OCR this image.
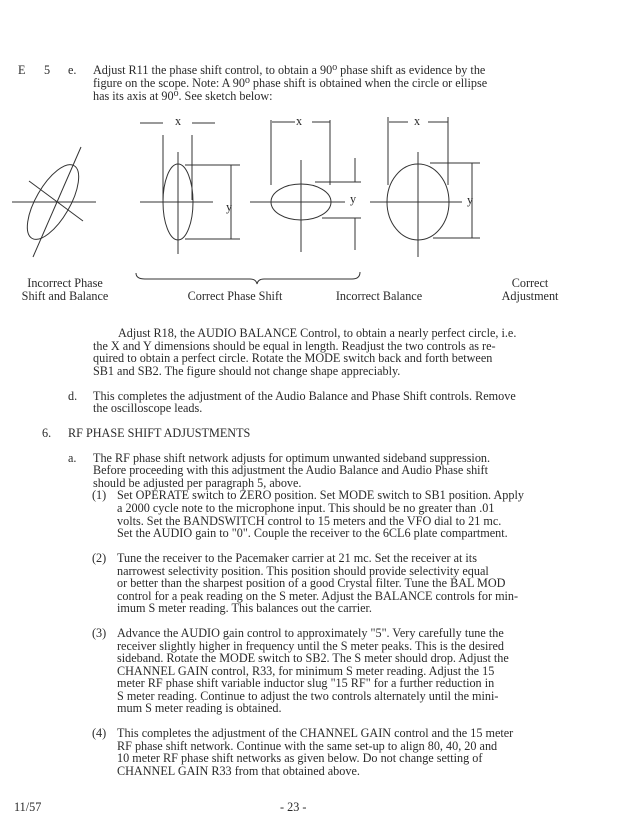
E 5 e. Adjust R11 the phase shift control, to obtain a 90⁰ phase shift as evidence by the
figure on the scope. Note: A 90⁰ phase shift is obtained when the circle or ellipse
has its axis at 90⁰. See sketch below:
x	x	x
y
y	y
Incorrect Phase
Shift and Balance	Correct Phase Shift	Incorrect Balance
Correct
Adjustment
Adjust R18, the AUDIO BALANCE Control, to obtain a nearly perfect circle, i.e.
the X and Y dimensions should be equal in length. Readjust the two controls as re-
quired to obtain a perfect circle. Rotate the MODE switch back and forth between
SB1 and SB2. The figure should not change shape appreciably.
d. This completes the adjustment of the Audio Balance and Phase Shift controls. Remove
the oscilloscope leads.
6. RF PHASE SHIFT ADJUSTMENTS
a. The RF phase shift network adjusts for optimum unwanted sideband suppression.
Before proceeding with this adjustment the Audio Balance and Audio Phase shift
should be adjusted per paragraph 5, above.
(1) Set OPERATE switch to ZERO position. Set MODE switch to SB1 position. Apply
a 2000 cycle note to the microphone input. This should be no greater than .01
volts. Set the BANDSWITCH control to 15 meters and the VFO dial to 21 mc.
Set the AUDIO gain to "0". Couple the receiver to the 6CL6 plate compartment.
(2) Tune the receiver to the Pacemaker carrier at 21 mc. Set the receiver at its
narrowest selectivity position. This position should provide selectivity equal
or better than the sharpest position of a good Crystal filter. Tune the BAL MOD
control for a peak reading on the S meter. Adjust the BALANCE controls for min-
imum S meter reading. This balances out the carrier.
(3) Advance the AUDIO gain control to approximately "5". Very carefully tune the
receiver slightly higher in frequency until the S meter peaks. This is the desired
sideband. Rotate the MODE switch to SB2. The S meter should drop. Adjust the
CHANNEL GAIN control, R33, for minimum S meter reading. Adjust the 15
meter RF phase shift variable inductor slug "15 RF" for a further reduction in
S meter reading. Continue to adjust the two controls alternately until the mini-
mum S meter reading is obtained.
(4) This completes the adjustment of the CHANNEL GAIN control and the 15 meter
RF phase shift network. Continue with the same set-up to align 80, 40, 20 and
10 meter RF phase shift networks as given below. Do not change setting of
CHANNEL GAIN R33 from that obtained above.
11/57	- 23 -
